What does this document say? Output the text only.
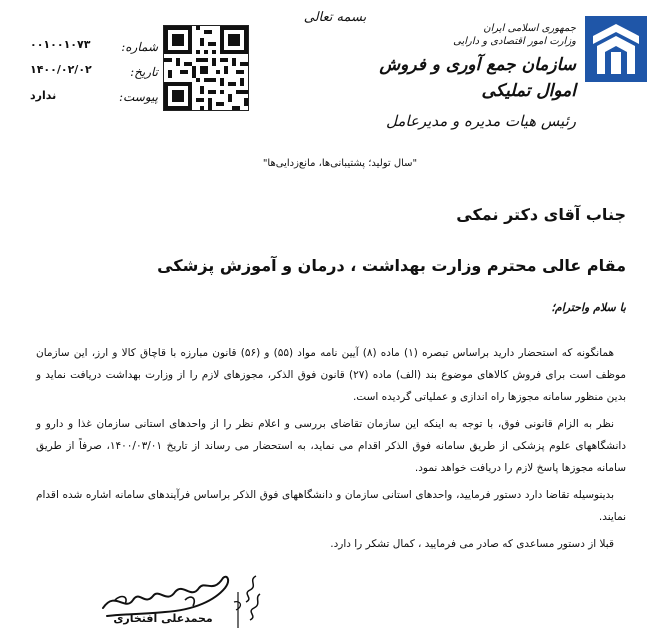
جمهوری اسلامی ایران
وزارت امور اقتصادی و دارایی
سازمان جمع آوری و فروش اموال تملیکی
رئیس هیات مدیره و مدیرعامل
بسمه تعالی
شماره:
تاریخ:
پیوست:
۰۰۱۰۰۱۰۷۳
۱۴۰۰/۰۲/۰۲
ندارد
"سال تولید؛ پشتیبانی‌ها، مانع‌زدایی‌ها"
جناب آقای دکتر نمکی
مقام عالی محترم وزارت بهداشت ، درمان و آموزش پزشکی
با سلام واحترام؛
همانگونه که استحضار دارید براساس تبصره (۱) ماده (۸) آیین نامه مواد (۵۵) و (۵۶) قانون مبارزه با قاچاق کالا و ارز، این سازمان موظف است برای فروش کالاهای موضوع بند (الف) ماده (۲۷) قانون فوق الذکر، مجوزهای لازم را از وزارت بهداشت دریافت نماید و بدین منظور سامانه مجوزها راه اندازی و عملیاتی گردیده است.
نظر به الزام قانونی فوق، با توجه به اینکه این سازمان تقاضای بررسی و اعلام نظر را از واحدهای استانی سازمان غذا و دارو و دانشگاههای علوم پزشکی از طریق سامانه فوق الذکر اقدام می نماید، به استحضار می رساند از تاریخ ۱۴۰۰/۰۳/۰۱، صرفاً از طریق سامانه مجوزها پاسخ لازم را دریافت خواهد نمود.
بدینوسیله تقاضا دارد دستور فرمایید، واحدهای استانی سازمان و دانشگاههای فوق الذکر براساس فرآیندهای سامانه اشاره شده اقدام نمایند.
قبلا از دستور مساعدی که صادر می فرمایید ، کمال تشکر را دارد.
محمدعلی افتخاری
